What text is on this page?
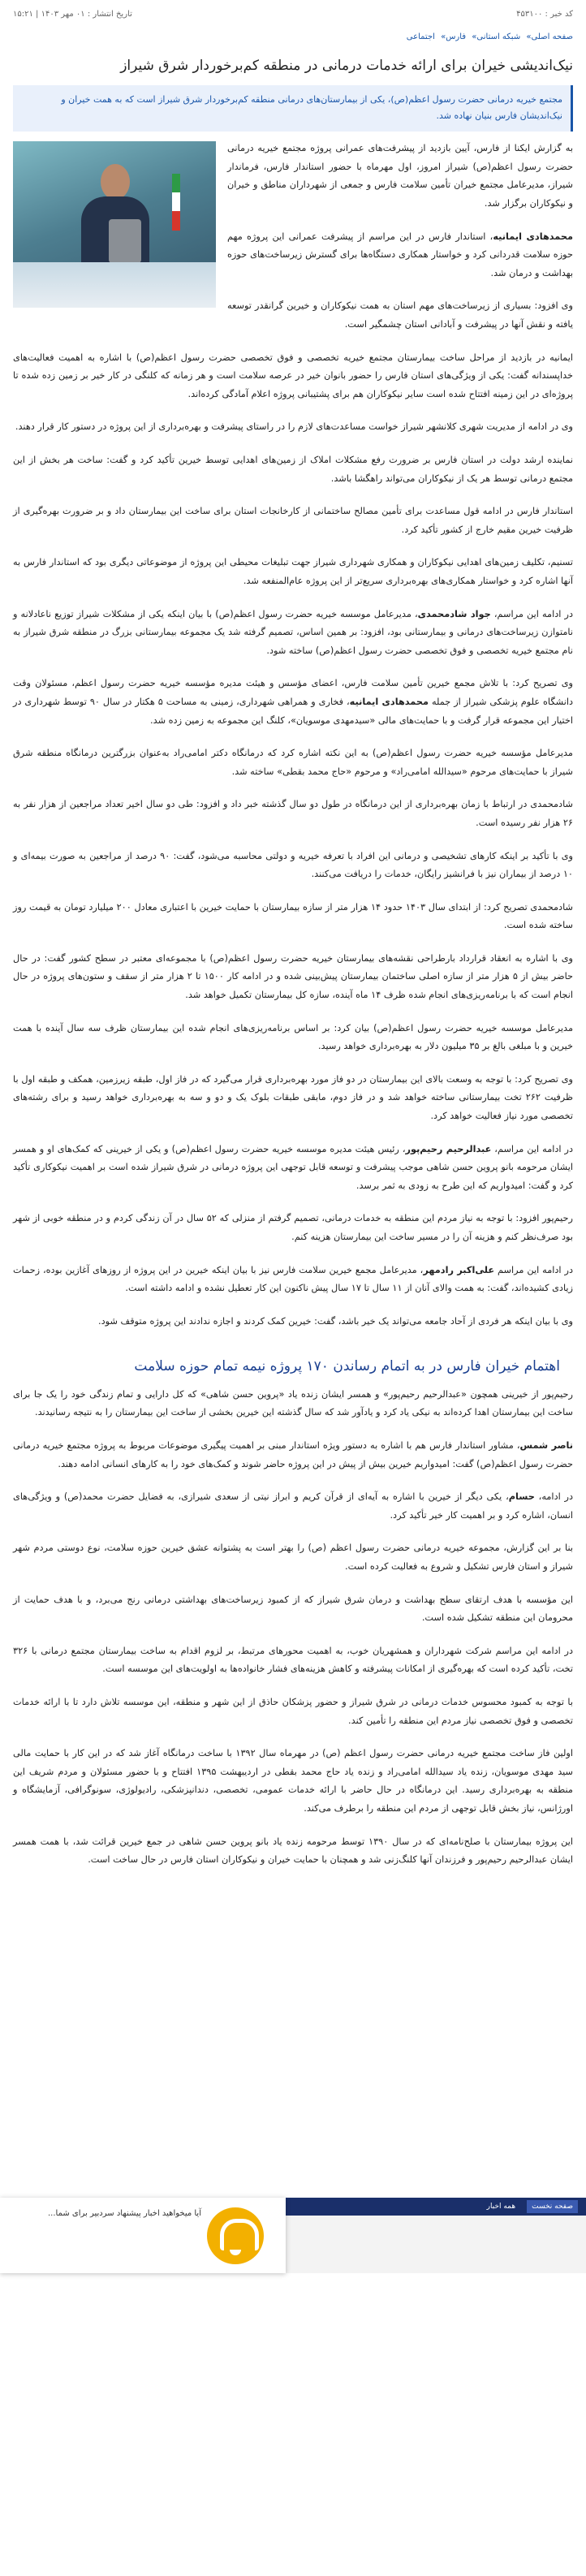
کد خبر : ۴۵۳۱۰۰
تاریخ انتشار : ۰۱ مهر ۱۴۰۳ | ۱۵:۲۱
صفحه اصلی» شبکه استانی» فارس» اجتماعی
نیک‌اندیشی خیران برای ارائه خدمات درمانی در منطقه کم‌برخوردار شرق شیراز
مجتمع خیریه درمانی حضرت رسول اعظم(ص)، یکی از بیمارستان‌های درمانی منطقه کم‌برخوردار شرق شیراز است که به همت خیران و نیک‌اندیشان فارس بنیان نهاده شد.

به گزارش ایکنا از فارس، آیین بازدید از پیشرفت‌های عمرانی پروژه مجتمع خیریه درمانی حضرت رسول اعظم(ص) شیراز امروز، اول مهرماه با حضور استاندار فارس، فرماندار شیراز، مدیرعامل مجتمع خیران تأمین سلامت فارس و جمعی از شهرداران مناطق و خیران و نیکوکاران برگزار شد.

محمدهادی ایمانیه، استاندار فارس در این مراسم از پیشرفت عمرانی این پروژه مهم حوزه سلامت قدردانی کرد و خواستار همکاری دستگاه‌ها برای گسترش زیرساخت‌های حوزه بهداشت و درمان شد.

وی افزود: بسیاری از زیرساخت‌های مهم استان به همت نیکوکاران و خیرین گرانقدر توسعه یافته و نقش آنها در پیشرفت و آبادانی استان چشمگیر است.

ایمانیه در بازدید از مراحل ساخت بیمارستان مجتمع خیریه تخصصی و فوق تخصصی حضرت رسول اعظم(ص) با اشاره به اهمیت فعالیت‌های خداپسندانه گفت: یکی از ویژگی‌های استان فارس را حضور بانوان خیر در عرصه سلامت است و هر زمانه که کلنگی در کار خیر بر زمین زده شده تا پروژه‌ای در این زمینه افتتاح شده است سایر نیکوکاران هم برای پشتیبانی پروژه اعلام آمادگی کرده‌اند.

وی در ادامه از مدیریت شهری کلانشهر شیراز خواست مساعدت‌های لازم را در راستای پیشرفت و بهره‌برداری از این پروژه در دستور کار قرار دهند.

نماینده ارشد دولت در استان فارس بر ضرورت رفع مشکلات املاک از زمین‌های اهدایی توسط خیرین تأکید کرد و گفت: ساخت هر بخش از این مجتمع درمانی توسط هر یک از نیکوکاران می‌تواند راهگشا باشد.

استاندار فارس در ادامه قول مساعدت برای تأمین مصالح ساختمانی از کارخانجات استان برای ساخت این بیمارستان داد و بر ضرورت بهره‌گیری از ظرفیت خیرین مقیم خارج از کشور تأکید کرد.

تسنیم، تکلیف زمین‌های اهدایی نیکوکاران و همکاری شهرداری شیراز جهت تبلیغات محیطی این پروژه از موضوعاتی دیگری بود که استاندار فارس به آنها اشاره کرد و خواستار همکاری‌های بهره‌برداری سریع‌تر از این پروژه عام‌المنفعه شد.

در ادامه این مراسم، جواد شادمحمدی، مدیرعامل موسسه خیریه حضرت رسول اعظم(ص) با بیان اینکه یکی از مشکلات شیراز توزیع ناعادلانه و نامتوازن زیرساخت‌های درمانی و بیمارستانی بود، افزود: بر همین اساس، تصمیم گرفته شد یک مجموعه بیمارستانی بزرگ در منطقه شرق شیراز به نام مجتمع خیریه تخصصی و فوق تخصصی حضرت رسول اعظم(ص) ساخته شود.

وی تصریح کرد: با تلاش مجمع خیرین تأمین سلامت فارس، اعضای مؤسس و هیئت مدیره مؤسسه خیریه حضرت رسول اعظم، مسئولان وقت دانشگاه علوم پزشکی شیراز از جمله محمدهادی ایمانیه، فخاری و همراهی شهرداری، زمینی به مساحت ۵ هکتار در سال ۹۰ توسط شهرداری در اختیار این مجموعه قرار گرفت و با حمایت‌های مالی «سیدمهدی موسویان»، کلنگ این مجموعه به زمین زده شد.

مدیرعامل مؤسسه خیریه حضرت رسول اعظم(ص) به این نکته اشاره کرد که درمانگاه دکتر امامی‌راد به‌عنوان بزرگترین درمانگاه منطقه شرق شیراز با حمایت‌های مرحوم «سیدالله امامی‌راد» و مرحوم «حاج محمد بقطی» ساخته شد.

شادمحمدی در ارتباط با زمان بهره‌برداری از این درمانگاه در طول دو سال گذشته خبر داد و افزود: طی دو سال اخیر تعداد مراجعین از هزار نفر به ۲۶ هزار نفر رسیده است.

وی با تأکید بر اینکه کارهای تشخیصی و درمانی این افراد با تعرفه خیریه و دولتی محاسبه می‌شود، گفت: ۹۰ درصد از مراجعین به صورت بیمه‌ای و ۱۰ درصد از بیماران نیز با فرانشیز رایگان، خدمات را دریافت می‌کنند.

شادمحمدی تصریح کرد: از ابتدای سال ۱۴۰۳ حدود ۱۴ هزار متر از سازه بیمارستان با حمایت خیرین با اعتباری معادل ۲۰۰ میلیارد تومان به قیمت روز ساخته شده است.

وی با اشاره به انعقاد قرارداد بارطراحی نقشه‌های بیمارستان خیریه حضرت رسول اعظم(ص) با مجموعه‌ای معتبر در سطح کشور گفت: در حال حاضر بیش از ۵ هزار متر از سازه اصلی ساختمان بیمارستان پیش‌بینی شده و در ادامه کار ۱۵۰۰ تا ۲ هزار متر از سقف و ستون‌های پروژه در حال انجام است که با برنامه‌ریزی‌های انجام شده ظرف ۱۴ ماه آینده، سازه کل بیمارستان تکمیل خواهد شد.

مدیرعامل موسسه خیریه حضرت رسول اعظم(ص) بیان کرد: بر اساس برنامه‌ریزی‌های انجام شده این بیمارستان ظرف سه سال آینده با همت خیرین و با مبلغی بالغ بر ۳۵ میلیون دلار به بهره‌برداری خواهد رسید.

وی تصریح کرد: با توجه به وسعت بالای این بیمارستان در دو فاز مورد بهره‌برداری قرار می‌گیرد که در فاز اول، طبقه زیرزمین، همکف و طبقه اول با ظرفیت ۲۶۲ تخت بیمارستانی ساخته خواهد شد و در فاز دوم، مابقی طبقات بلوک یک و دو و سه به بهره‌برداری خواهد رسید و برای رشته‌های تخصصی مورد نیاز فعالیت خواهد کرد.

در ادامه این مراسم، عبدالرحیم رحیم‌پور، رئیس هیئت مدیره موسسه خیریه حضرت رسول اعظم(ص) و یکی از خیرینی که کمک‌های او و همسر ایشان مرحومه بانو پروین حسن شاهی موجب پیشرفت و توسعه قابل توجهی این پروژه درمانی در شرق شیراز شده است بر اهمیت نیکوکاری تأکید کرد و گفت: امیدواریم که این طرح به زودی به ثمر برسد.

رحیم‌پور افزود: با توجه به نیاز مردم این منطقه به خدمات درمانی، تصمیم گرفتم از منزلی که ۵۲ سال در آن زندگی کردم و در منطقه خوبی از شهر بود صرف‌نظر کنم و هزینه آن را در مسیر ساخت این بیمارستان هزینه کنم.

در ادامه این مراسم علی‌اکبر رادمهر، مدیرعامل مجمع خیرین سلامت فارس نیز با بیان اینکه خیرین در این پروژه از روزهای آغازین بوده، زحمات زیادی کشیده‌اند، گفت: به همت والای آنان از ۱۱ سال تا ۱۷ سال پیش ناکنون این کار تعطیل نشده و ادامه داشته است.

وی با بیان اینکه هر فردی از آحاد جامعه می‌تواند یک خیر باشد، گفت: خیرین کمک کردند و اجازه ندادند این پروژه متوقف شود.

اهتمام خیران فارس در به اتمام رساندن ۱۷۰ پروژه نیمه تمام حوزه سلامت

رحیم‌پور از خیرینی همچون «عبدالرحیم رحیم‌پور» و همسر ایشان زنده یاد «پروین حسن شاهی» که کل دارایی و تمام زندگی خود را یک جا برای ساخت این بیمارستان اهدا کرده‌اند به نیکی یاد کرد و یادآور شد که سال گذشته این خیرین بخشی از ساخت این بیمارستان را به نتیجه رسانیدند.

ناصر شمس، مشاور استاندار فارس هم با اشاره به دستور ویژه استاندار مبنی بر اهمیت پیگیری موضوعات مربوط به پروژه مجتمع خیریه درمانی حضرت رسول اعظم(ص) گفت: امیدواریم خیرین بیش از پیش در این پروژه حاضر شوند و کمک‌های خود را به کارهای انسانی ادامه دهند.

در ادامه، حسام، یکی دیگر از خیرین با اشاره به آیه‌ای از قرآن کریم و ابراز نیتی از سعدی شیرازی، به فضایل حضرت محمد(ص) و ویژگی‌های انسان، اشاره کرد و بر اهمیت کار خیر تأکید کرد.

بنا بر این گزارش، مجموعه خیریه درمانی حضرت رسول اعظم (ص) را بهتر است به پشتوانه عشق خیرین حوزه سلامت، نوع دوستی مردم شهر شیراز و استان فارس تشکیل و شروع به فعالیت کرده است.

این مؤسسه با هدف ارتقای سطح بهداشت و درمان شرق شیراز که از کمبود زیرساخت‌های بهداشتی درمانی رنج می‌برد، و با هدف حمایت از محرومان این منطقه تشکیل شده است.

در ادامه این مراسم شرکت شهرداران و همشهریان خوب، به اهمیت محورهای مرتبط، بر لزوم اقدام به ساخت بیمارستان مجتمع درمانی با ۳۲۶ تخت، تأکید کرده است که بهره‌گیری از امکانات پیشرفته و کاهش هزینه‌های فشار خانواده‌ها به اولویت‌های این موسسه است.

با توجه به کمبود محسوس خدمات درمانی در شرق شیراز و حضور پزشکان حاذق از این شهر و منطقه، این موسسه تلاش دارد تا با ارائه خدمات تخصصی و فوق تخصصی نیاز مردم این منطقه را تأمین کند.

اولین فاز ساخت مجتمع خیریه درمانی حضرت رسول اعظم (ص) در مهرماه سال ۱۳۹۲ با ساخت درمانگاه آغاز شد که در این کار با حمایت مالی سید مهدی موسویان، زنده یاد سیدالله امامی‌راد و زنده یاد حاج محمد بقطی در اردیبهشت ۱۳۹۵ افتتاح و با حضور مسئولان و مردم شریف این منطقه به بهره‌برداری رسید. این درمانگاه در حال حاضر با ارائه خدمات عمومی، تخصصی، دندانپزشکی، رادیولوژی، سونوگرافی، آزمایشگاه و اورژانس، نیاز بخش قابل توجهی از مردم این منطقه را برطرف می‌کند.

این پروژه بیمارستان با صلح‌نامه‌ای که در سال ۱۳۹۰ توسط مرحومه زنده یاد بانو پروین حسن شاهی در جمع خیرین قرائت شد، با همت همسر ایشان عبدالرحیم رحیم‌پور و فرزندان آنها کلنگ‌زنی شد و همچنان با حمایت خیران و نیکوکاران استان فارس در حال ساخت است.

صفحه نخست
همه اخبار
آیا میخواهید اخبار پیشنهاد سردبیر برای شما...
